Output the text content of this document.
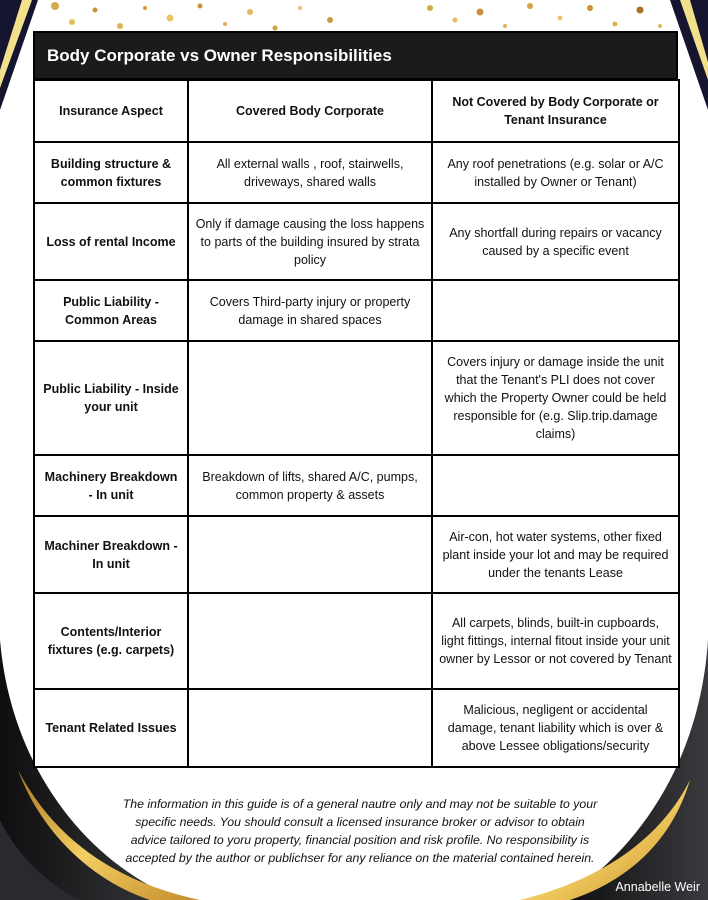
Body Corporate vs Owner Responsibilities
Insurance Aspect	Covered Body Corporate	Not Covered by Body Corporate or Tenant Insurance
Building structure & common fixtures	All external walls , roof, stairwells, driveways, shared walls	Any roof penetrations (e.g. solar or A/C installed by Owner or Tenant)
Loss of rental Income	Only if damage causing the loss happens to parts of the building insured by strata policy	Any shortfall during repairs or vacancy caused by a specific event
Public Liability - Common Areas	Covers Third-party injury or property damage in shared spaces	
Public Liability - Inside your unit		Covers injury or damage inside the unit that the Tenant's PLI does not cover which the Property Owner could be held responsible for (e.g. Slip.trip.damage claims)
Machinery Breakdown - In unit	Breakdown of lifts, shared A/C, pumps, common property & assets	
Machiner Breakdown - In unit		Air-con, hot water systems, other fixed plant inside your lot and may be required under the tenants Lease
Contents/Interior fixtures (e.g. carpets)		All carpets, blinds, built-in cupboards, light fittings, internal fitout inside your unit owner by Lessor or not covered by Tenant
Tenant Related Issues		Malicious, negligent or accidental damage, tenant liability which is over & above Lessee obligations/security
The information in this guide is of a general nautre only and may not be suitable to your specific needs. You should consult a licensed insurance broker or advisor to obtain advice tailored to yoru property, financial position and risk profile. No responsibility is accepted by the author or publichser for any reliance on the material contained herein.
Annabelle Weir
